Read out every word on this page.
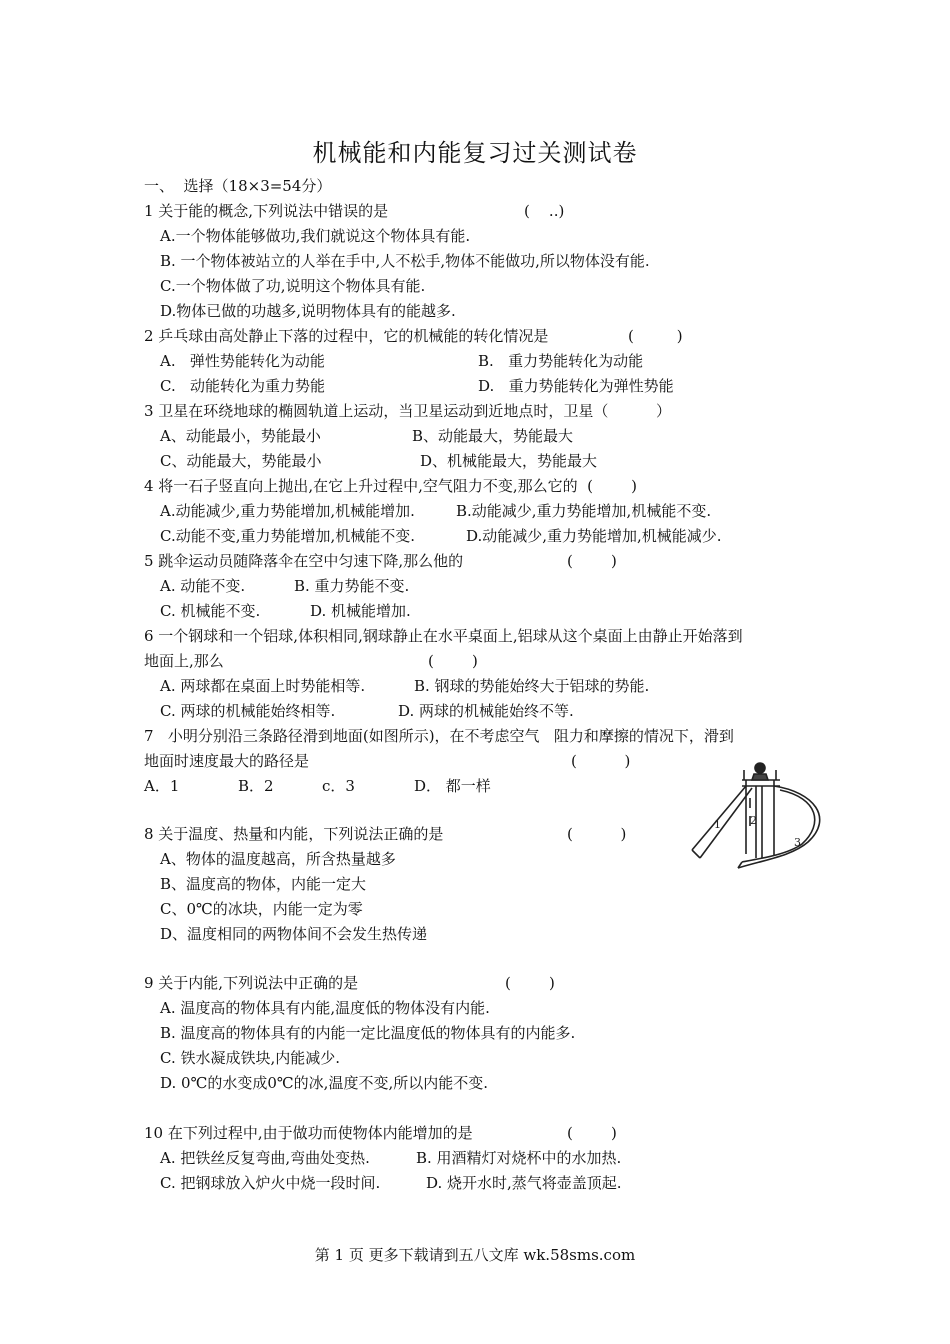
机械能和内能复习过关测试卷
一、  选择（18×3=54分）
1 关于能的概念,下列说法中错误的是	(    ..)
A.一个物体能够做功,我们就说这个物体具有能.
B. 一个物体被站立的人举在手中,人不松手,物体不能做功,所以物体没有能.
C.一个物体做了功,说明这个物体具有能.
D.物体已做的功越多,说明物体具有的能越多.
2 乒乓球由高处静止下落的过程中，它的机械能的转化情况是	(         )
A.   弹性势能转化为动能	B.   重力势能转化为动能
C.   动能转化为重力势能	D.   重力势能转化为弹性势能
3 卫星在环绕地球的椭圆轨道上运动，当卫星运动到近地点时，卫星（          ）
A、动能最小，势能最小	B、动能最大，势能最大
C、动能最大，势能最小	D、机械能最大，势能最大
4 将一石子竖直向上抛出,在它上升过程中,空气阻力不变,那么它的  (        )
A.动能减少,重力势能增加,机械能增加.	B.动能减少,重力势能增加,机械能不变.
C.动能不变,重力势能增加,机械能不变.	D.动能减少,重力势能增加,机械能减少.
5 跳伞运动员随降落伞在空中匀速下降,那么他的	(        )
A. 动能不变.	B. 重力势能不变.
C. 机械能不变.	D. 机械能增加.
6 一个钢球和一个铝球,体积相同,钢球静止在水平桌面上,铝球从这个桌面上由静止开始落到
地面上,那么	(        )
A. 两球都在桌面上时势能相等.	B. 钢球的势能始终大于铝球的势能.
C. 两球的机械能始终相等.	D. 两球的机械能始终不等.
7   小明分别沿三条路径滑到地面(如图所示)，在不考虑空气   阻力和摩擦的情况下，滑到
地面时速度最大的路径是	(          )
A．1	B．2	c．3	D． 都一样
1	2
3
8 关于温度、热量和内能，下列说法正确的是	(          )
A、物体的温度越高，所含热量越多
B、温度高的物体，内能一定大
C、0℃的冰块，内能一定为零
D、温度相同的两物体间不会发生热传递
9 关于内能,下列说法中正确的是	(        )
A. 温度高的物体具有内能,温度低的物体没有内能.
B. 温度高的物体具有的内能一定比温度低的物体具有的内能多.
C. 铁水凝成铁块,内能减少.
D. 0℃的水变成0℃的冰,温度不变,所以内能不变.
10 在下列过程中,由于做功而使物体内能增加的是	(        )
A. 把铁丝反复弯曲,弯曲处变热.	B. 用酒精灯对烧杯中的水加热.
C. 把钢球放入炉火中烧一段时间.	D. 烧开水时,蒸气将壶盖顶起.
第 1 页 更多下载请到五八文库 wk.58sms.com
